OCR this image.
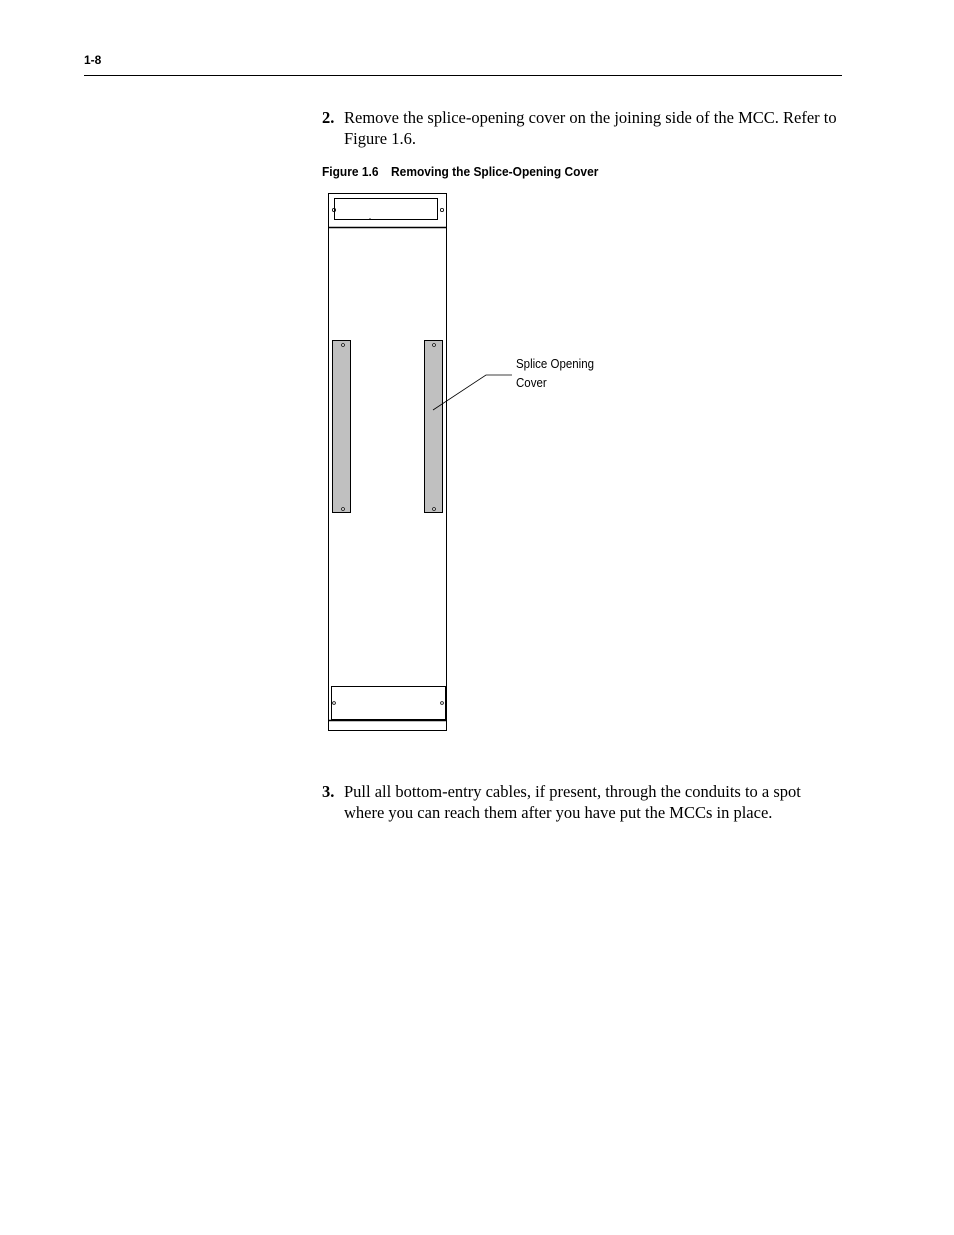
1-8
2. Remove the splice-opening cover on the joining side of the MCC. Refer to Figure 1.6.
Figure 1.6 Removing the Splice-Opening Cover
Splice Opening
Cover
3. Pull all bottom-entry cables, if present, through the conduits to a spot where you can reach them after you have put the MCCs in place.
